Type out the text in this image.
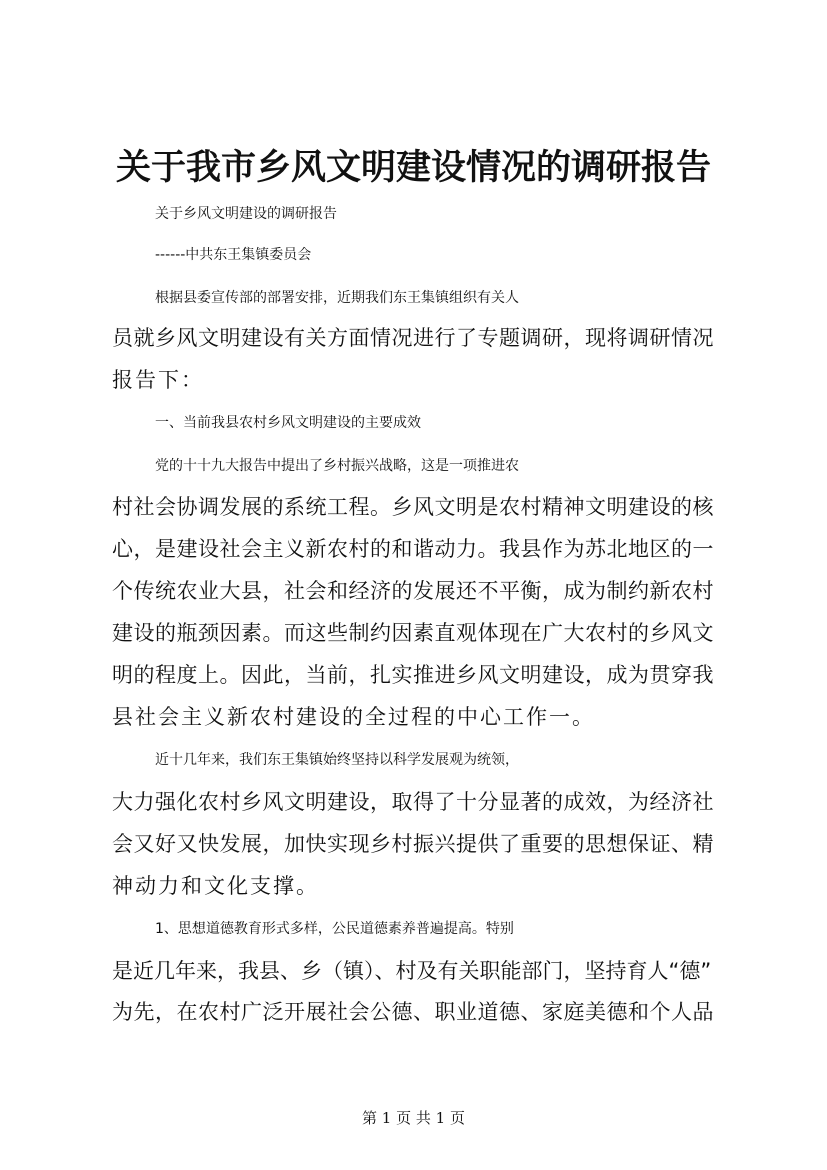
关于我市乡风文明建设情况的调研报告
关于乡风文明建设的调研报告
------中共东王集镇委员会
根据县委宣传部的部署安排，近期我们东王集镇组织有关人
员就乡风文明建设有关方面情况进行了专题调研，现将调研情况
报告下：
一、当前我县农村乡风文明建设的主要成效
党的十十九大报告中提出了乡村振兴战略，这是一项推进农
村社会协调发展的系统工程。乡风文明是农村精神文明建设的核
心，是建设社会主义新农村的和谐动力。我县作为苏北地区的一
个传统农业大县，社会和经济的发展还不平衡，成为制约新农村
建设的瓶颈因素。而这些制约因素直观体现在广大农村的乡风文
明的程度上。因此，当前，扎实推进乡风文明建设，成为贯穿我
县社会主义新农村建设的全过程的中心工作一。
近十几年来，我们东王集镇始终坚持以科学发展观为统领，
大力强化农村乡风文明建设，取得了十分显著的成效，为经济社
会又好又快发展，加快实现乡村振兴提供了重要的思想保证、精
神动力和文化支撑。
1、思想道德教育形式多样，公民道德素养普遍提高。特别
是近几年来，我县、乡（镇）、村及有关职能部门，坚持育人“德”
为先，在农村广泛开展社会公德、职业道德、家庭美德和个人品
第 1 页 共 1 页
